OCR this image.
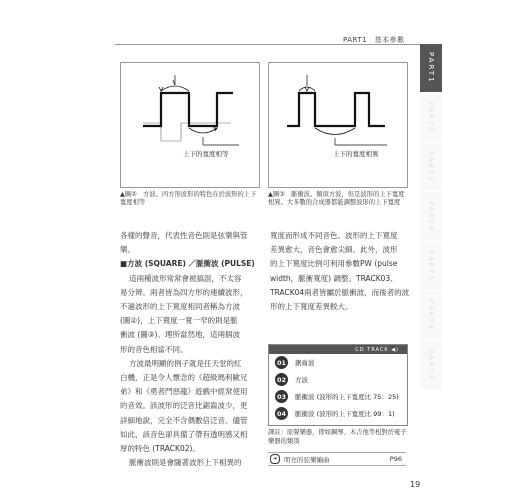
PART1　基本參數
PART1
PART2
PART3
PART4
PART5
PART6
PART7
上下的寬度相等
▲圖②　方波。四方形波形的特色在於波形的上下
寬度相等
上下的寬度相異
▲圖③　脈衝波。類似方波，但是波形的上下寬度
相異。大多數的合成器都能調整波形的上下寬度

各樣的聲音，代表性音色則是弦樂與管

樂。

■方波 (SQUARE) ／脈衝波 (PULSE)

這兩種波形常常會被搞混，不太容

易分辨。兩者皆為四方形的連續波形，

不過波形的上下寬度相同者稱為方波

(圖②)，上下寬度一寬一窄的則是脈

衝波 (圖③)。理所當然地，這兩個波

形的音色相當不同。

方波最明顯的例子就是任天堂的紅

白機，正是令人懷念的《超級瑪利歐兄

弟》和《勇者鬥惡龍》遊戲中經常使用

的音效。該波形的泛音比鋸齒波少，更

詳細地說，完全不含偶數倍泛音。儘管

如此，該音色卻具備了帶有透明感又相

厚的特色 (TRACK02)。

脈衝波則是會隨著波形上下相異的

寬度而形成不同音色。波形的上下寬度

差異愈大，音色會愈尖細。此外，波形

的上下寬度比例可利用參數PW (pulse

width，脈衝寬度) 調整。TRACK03、

TRACK04兩者皆屬於脈衝波，而後者的波

形的上下寬度差異較大。

CD TRACK ◀)
01	鋸齒波
02	方波
03	脈衝波 (波形的上下寬度比 75：25)
04	脈衝波 (波形的上下寬度比 99：1)
譯註：原聲樂器，即如鋼琴、木吉他等相對於電子
樂器的類別
➜	明亮的弦樂編曲	P96
19
